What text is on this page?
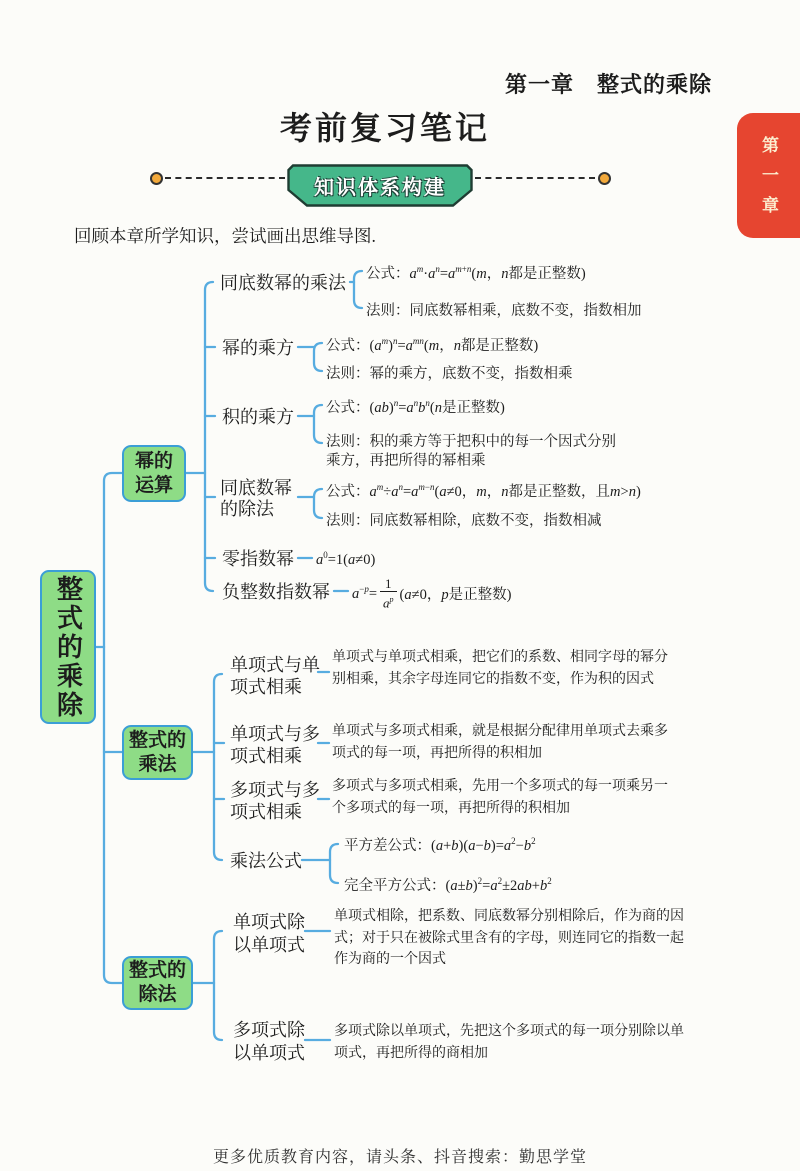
第一章　整式的乘除
考前复习笔记
知识体系构建	第一章
回顾本章所学知识，尝试画出思维导图.
整式的乘除
幂的运算
整式的乘法
整式的除法
同底数幂的乘法 公式：$a^m\cdot a^n=a^{m+n}(m$，n都是正整数)
法则：同底数幂相乘，底数不变，指数相加
幂的乘方 公式：$(a^m)^n=a^{mn}(m$，n都是正整数)
法则：幂的乘方，底数不变，指数相乘
积的乘方 公式：$(ab)^n=a^nb^n(n$是正整数)
法则：积的乘方等于把积中的每一个因式分别乘方，再把所得的幂相乘
同底数幂的除法
公式：$a^m\div a^n=a^{m-n}(a\ne 0$，m，n都是正整数，且m>n)
法则：同底数幂相除，底数不变，指数相减
零指数幂 $a^0=1(a\ne 0)$
负整数指数幂 $a^{-p}= \frac{1}{a^p} (a\ne 0$，p是正整数)
单项式与单项式相乘
单项式与单项式相乘，把它们的系数、相同字母的幂分别相乘，其余字母连同它的指数不变，作为积的因式
单项式与多项式相乘
单项式与多项式相乘，就是根据分配律用单项式去乘多项式的每一项，再把所得的积相加
多项式与多项式相乘
多项式与多项式相乘，先用一个多项式的每一项乘另一个多项式的每一项，再把所得的积相加
乘法公式
平方差公式：$(a+b)(a-b)=a^2-b^2$
完全平方公式：$(a\pm b)^2=a^2\pm 2ab+b^2$
单项式除以单项式
单项式相除，把系数、同底数幂分别相除后，作为商的因式；对于只在被除式里含有的字母，则连同它的指数一起作为商的一个因式
多项式除以单项式
多项式除以单项式，先把这个多项式的每一项分别除以单项式，再把所得的商相加
更多优质教育内容，请头条、抖音搜索：勤思学堂
